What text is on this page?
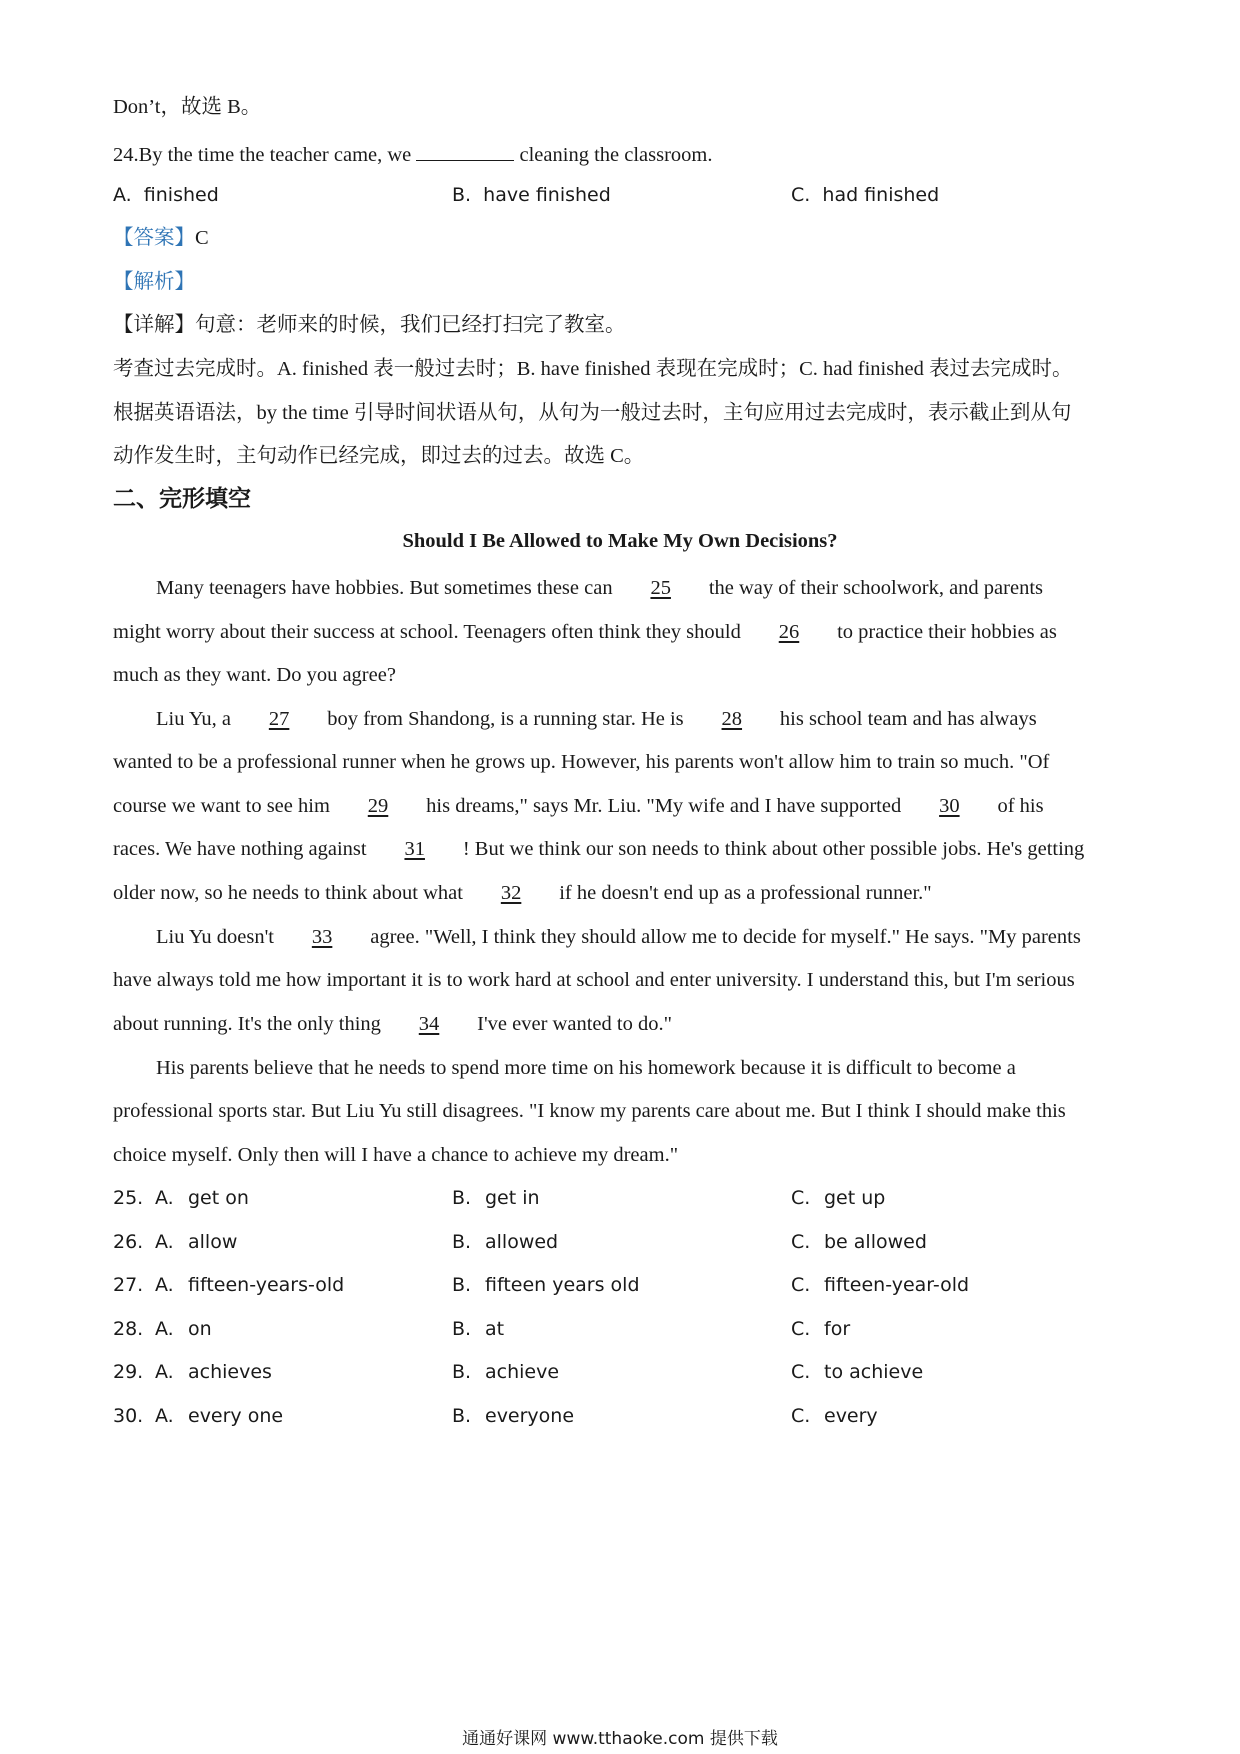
Don’t，故选 B。
24.By the time the teacher came, we	cleaning the classroom.
A. finished	B. have finished	C. had finished
【答案】C
【解析】
【详解】句意：老师来的时候，我们已经打扫完了教室。
考查过去完成时。A. finished 表一般过去时；B. have finished 表现在完成时；C. had finished 表过去完成时。
根据英语语法，by the time 引导时间状语从句，从句为一般过去时，主句应用过去完成时，表示截止到从句
动作发生时，主句动作已经完成，即过去的过去。故选 C。
二、完形填空
Should I Be Allowed to Make My Own Decisions?
Many teenagers have hobbies. But sometimes these can 25 the way of their schoolwork, and parents
might worry about their success at school. Teenagers often think they should 26 to practice their hobbies as
much as they want. Do you agree?
Liu Yu, a 27 boy from Shandong, is a running star. He is 28 his school team and has always
wanted to be a professional runner when he grows up. However, his parents won't allow him to train so much. "Of
course we want to see him 29 his dreams," says Mr. Liu. "My wife and I have supported 30 of his
races. We have nothing against 31 ! But we think our son needs to think about other possible jobs. He's getting
older now, so he needs to think about what 32 if he doesn't end up as a professional runner."
Liu Yu doesn't 33 agree. "Well, I think they should allow me to decide for myself." He says. "My parents
have always told me how important it is to work hard at school and enter university. I understand this, but I'm serious
about running. It's the only thing 34 I've ever wanted to do."
His parents believe that he needs to spend more time on his homework because it is difficult to become a
professional sports star. But Liu Yu still disagrees. "I know my parents care about me. But I think I should make this
choice myself. Only then will I have a chance to achieve my dream."
25. A. get on	B. get in	C. get up
26. A. allow	B. allowed	C. be allowed
27. A. fifteen-years-old	B. fifteen years old	C. fifteen-year-old
28. A. on	B. at	C. for
29. A. achieves	B. achieve	C. to achieve
30. A. every one	B. everyone	C. every
通通好课网 www.tthaoke.com 提供下载
